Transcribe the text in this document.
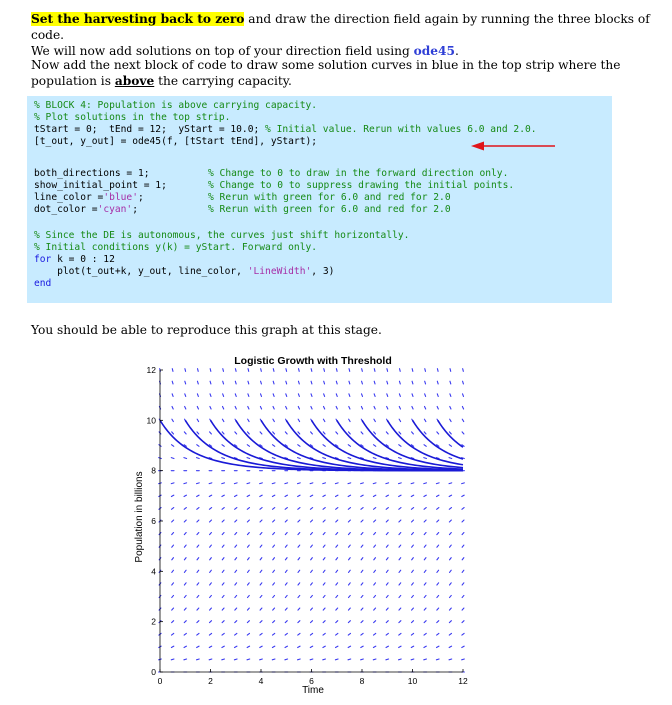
Set the harvesting back to zero and draw the direction field again by running the three blocks of code.
We will now add solutions on top of your direction field using ode45.
Now add the next block of code to draw some solution curves in blue in the top strip where the population is above the carrying capacity.
% BLOCK 4: Population is above carrying capacity.
% Plot solutions in the top strip.
tStart = 0;  tEnd = 12;  yStart = 10.0; % Initial value. Rerun with values 6.0 and 2.0.
[t_out, y_out] = ode45(f, [tStart tEnd], yStart);
both_directions = 1;	% Change to 0 to draw in the forward direction only.
show_initial_point = 1;	% Change to 0 to suppress drawing the initial points.
line_color ='blue';	% Rerun with green for 6.0 and red for 2.0
dot_color ='cyan';	% Rerun with green for 6.0 and red for 2.0
% Since the DE is autonomous, the curves just shift horizontally.
% Initial conditions y(k) = yStart. Forward only.
for k = 0 : 12
plot(t_out+k, y_out, line_color, 'LineWidth', 3)
end
You should be able to reproduce this graph at this stage.
Logistic Growth with Threshold
Time
Population in billions
0	2	4	6	8	10	12
0
2
4
6
8
10
12
